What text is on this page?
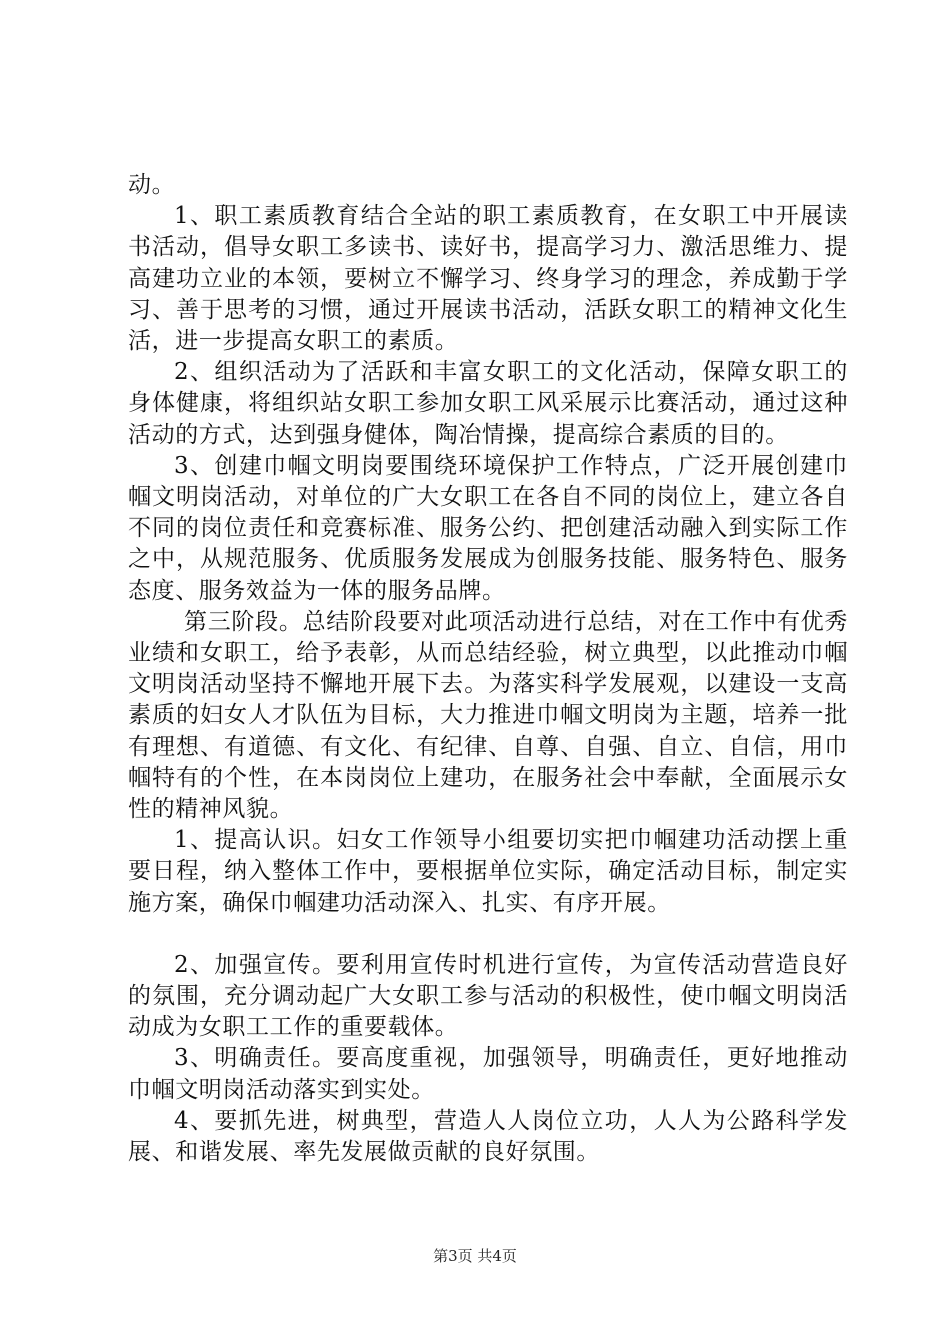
动。

1、职工素质教育结合全站的职工素质教育，在女职工中开展读书活动，倡导女职工多读书、读好书，提高学习力、激活思维力、提高建功立业的本领，要树立不懈学习、终身学习的理念，养成勤于学习、善于思考的习惯，通过开展读书活动，活跃女职工的精神文化生活，进一步提高女职工的素质。

2、组织活动为了活跃和丰富女职工的文化活动，保障女职工的身体健康，将组织站女职工参加女职工风采展示比赛活动，通过这种活动的方式，达到强身健体，陶冶情操，提高综合素质的目的。

3、创建巾帼文明岗要围绕环境保护工作特点，广泛开展创建巾帼文明岗活动，对单位的广大女职工在各自不同的岗位上，建立各自不同的岗位责任和竞赛标准、服务公约、把创建活动融入到实际工作之中，从规范服务、优质服务发展成为创服务技能、服务特色、服务态度、服务效益为一体的服务品牌。

第三阶段。总结阶段要对此项活动进行总结，对在工作中有优秀业绩和女职工，给予表彰，从而总结经验，树立典型，以此推动巾帼文明岗活动坚持不懈地开展下去。为落实科学发展观，以建设一支高素质的妇女人才队伍为目标，大力推进巾帼文明岗为主题，培养一批有理想、有道德、有文化、有纪律、自尊、自强、自立、自信，用巾帼特有的个性，在本岗岗位上建功，在服务社会中奉献，全面展示女性的精神风貌。

1、提高认识。妇女工作领导小组要切实把巾帼建功活动摆上重要日程，纳入整体工作中，要根据单位实际，确定活动目标，制定实施方案，确保巾帼建功活动深入、扎实、有序开展。

2、加强宣传。要利用宣传时机进行宣传，为宣传活动营造良好的氛围，充分调动起广大女职工参与活动的积极性，使巾帼文明岗活动成为女职工工作的重要载体。

3、明确责任。要高度重视，加强领导，明确责任，更好地推动巾帼文明岗活动落实到实处。

4、要抓先进，树典型，营造人人岗位立功，人人为公路科学发展、和谐发展、率先发展做贡献的良好氛围。

第3页 共4页
